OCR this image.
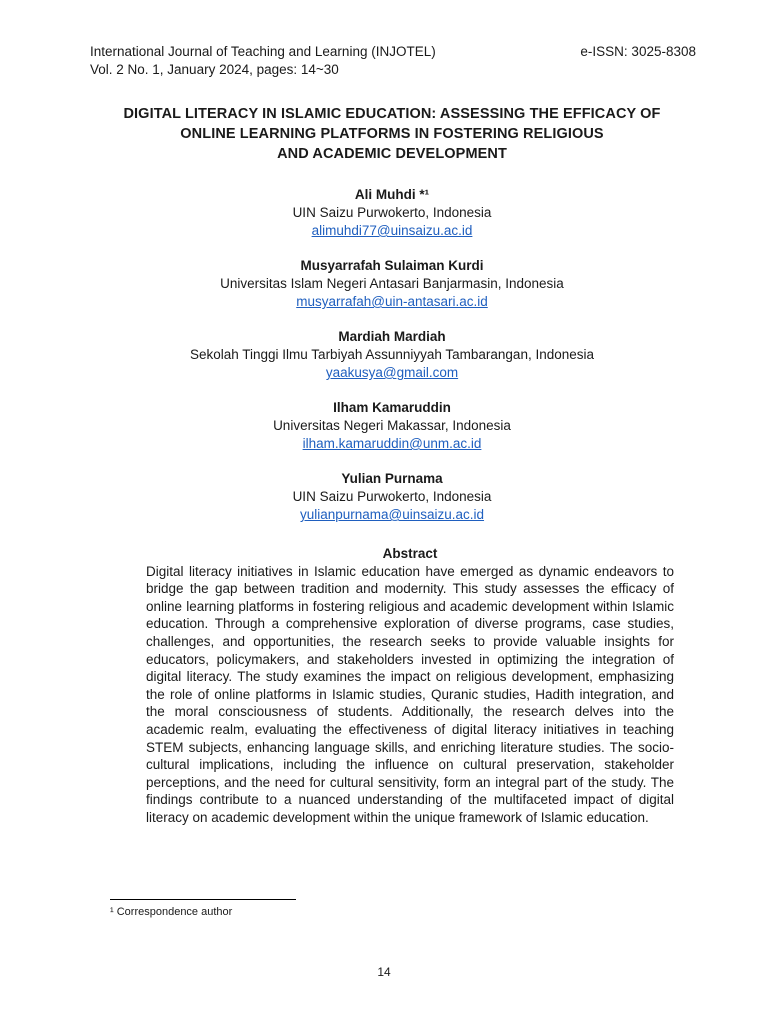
International Journal of Teaching and Learning (INJOTEL)	e-ISSN: 3025-8308
Vol. 2 No. 1, January 2024, pages: 14~30
DIGITAL LITERACY IN ISLAMIC EDUCATION: ASSESSING THE EFFICACY OF
ONLINE LEARNING PLATFORMS IN FOSTERING RELIGIOUS
AND ACADEMIC DEVELOPMENT
Ali Muhdi *¹
UIN Saizu Purwokerto, Indonesia
alimuhdi77@uinsaizu.ac.id
Musyarrafah Sulaiman Kurdi
Universitas Islam Negeri Antasari Banjarmasin, Indonesia
musyarrafah@uin-antasari.ac.id
Mardiah Mardiah
Sekolah Tinggi Ilmu Tarbiyah Assunniyyah Tambarangan, Indonesia
yaakusya@gmail.com
Ilham Kamaruddin
Universitas Negeri Makassar, Indonesia
ilham.kamaruddin@unm.ac.id
Yulian Purnama
UIN Saizu Purwokerto, Indonesia
yulianpurnama@uinsaizu.ac.id
Abstract
Digital literacy initiatives in Islamic education have emerged as dynamic endeavors to bridge the gap between tradition and modernity. This study assesses the efficacy of online learning platforms in fostering religious and academic development within Islamic education. Through a comprehensive exploration of diverse programs, case studies, challenges, and opportunities, the research seeks to provide valuable insights for educators, policymakers, and stakeholders invested in optimizing the integration of digital literacy. The study examines the impact on religious development, emphasizing the role of online platforms in Islamic studies, Quranic studies, Hadith integration, and the moral consciousness of students. Additionally, the research delves into the academic realm, evaluating the effectiveness of digital literacy initiatives in teaching STEM subjects, enhancing language skills, and enriching literature studies. The socio-cultural implications, including the influence on cultural preservation, stakeholder perceptions, and the need for cultural sensitivity, form an integral part of the study. The findings contribute to a nuanced understanding of the multifaceted impact of digital literacy on academic development within the unique framework of Islamic education.
¹ Correspondence author
14
